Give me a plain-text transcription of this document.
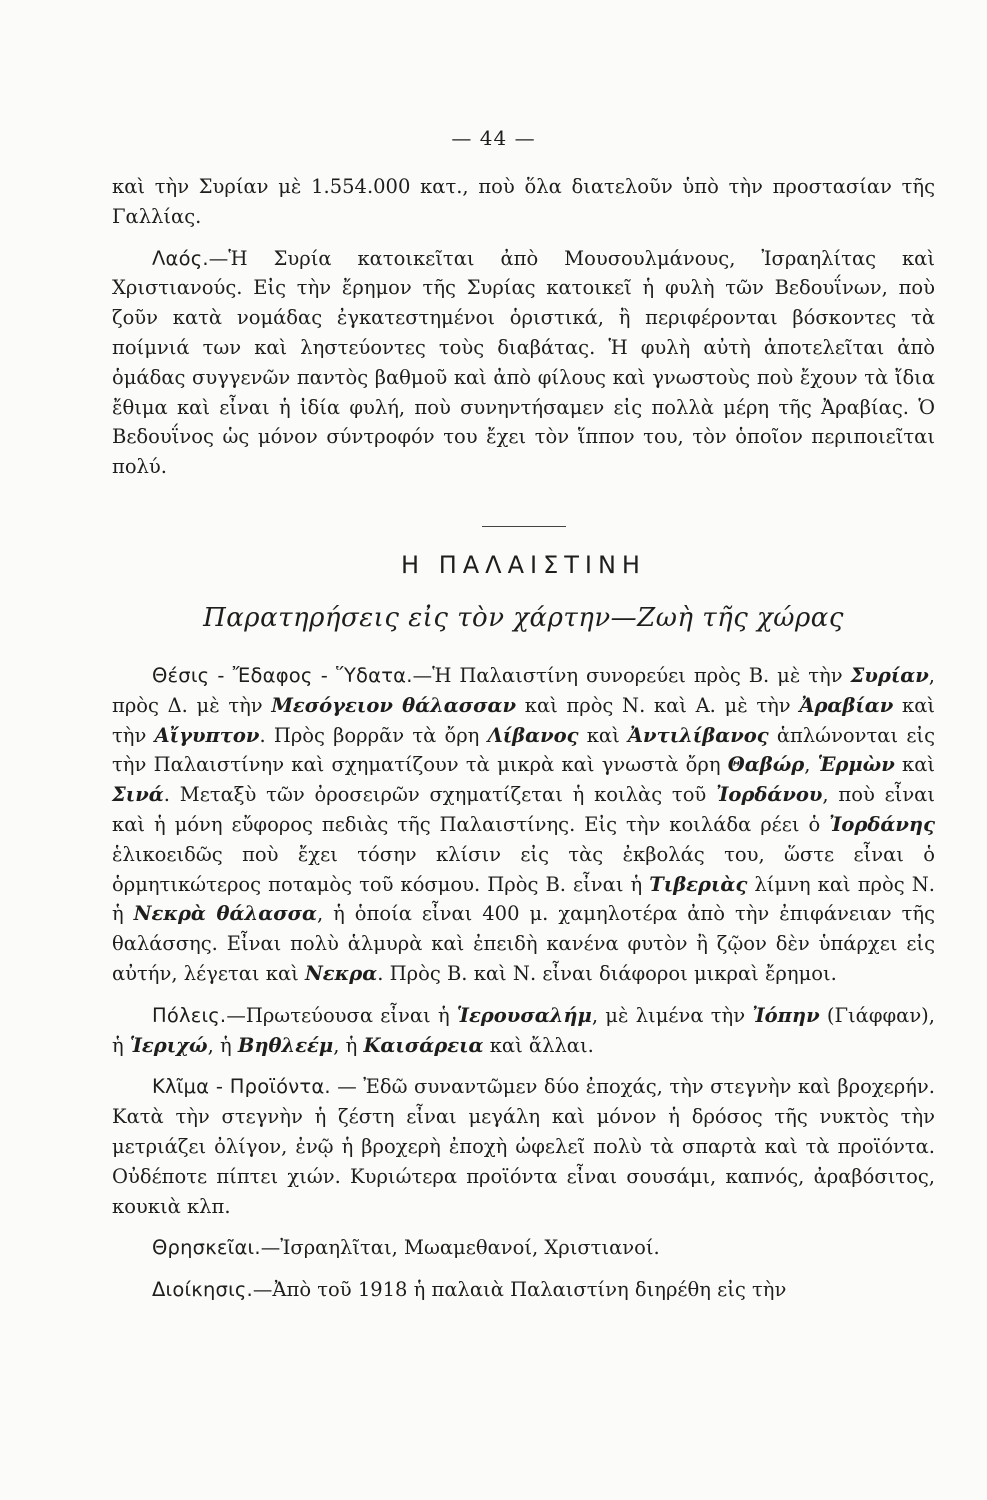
— 44 —

καὶ τὴν Συρίαν μὲ 1.554.000 κατ., ποὺ ὅλα διατελοῦν ὑπὸ τὴν προστασίαν τῆς Γαλλίας.

Λαός.—Ἡ Συρία κατοικεῖται ἀπὸ Μουσουλμάνους, Ἰσραηλίτας καὶ Χριστιανούς. Εἰς τὴν ἔρημον τῆς Συρίας κατοικεῖ ἡ φυλὴ τῶν Βεδουΐνων, ποὺ ζοῦν κατὰ νομάδας ἐγκατεστημένοι ὁριστικά, ἢ περιφέρονται βόσκοντες τὰ ποίμνιά των καὶ ληστεύοντες τοὺς διαβάτας. Ἡ φυλὴ αὐτὴ ἀποτελεῖται ἀπὸ ὁμάδας συγγενῶν παντὸς βαθμοῦ καὶ ἀπὸ φίλους καὶ γνωστοὺς ποὺ ἔχουν τὰ ἴδια ἔθιμα καὶ εἶναι ἡ ἰδία φυλή, ποὺ συνηντήσαμεν εἰς πολλὰ μέρη τῆς Ἀραβίας. Ὁ Βεδουΐνος ὡς μόνον σύντροφόν του ἔχει τὸν ἵππον του, τὸν ὁποῖον περιποιεῖται πολύ.

Η ΠΑΛΑΙΣΤΙΝΗ
Παρατηρήσεις εἰς τὸν χάρτην—Ζωὴ τῆς χώρας

Θέσις - Ἔδαφος - Ὕδατα.—Ἡ Παλαιστίνη συνορεύει πρὸς Β. μὲ τὴν Συρίαν, πρὸς Δ. μὲ τὴν Μεσόγειον θάλασσαν καὶ πρὸς Ν. καὶ Α. μὲ τὴν Ἀραβίαν καὶ τὴν Αἴγυπτον. Πρὸς βορρᾶν τὰ ὄρη Λίβανος καὶ Ἀντιλίβανος ἁπλώνονται εἰς τὴν Παλαιστίνην καὶ σχηματίζουν τὰ μικρὰ καὶ γνωστὰ ὄρη Θαβώρ, Ἑρμὼν καὶ Σινά. Μεταξὺ τῶν ὀροσειρῶν σχηματίζεται ἡ κοιλὰς τοῦ Ἰορδάνου, ποὺ εἶναι καὶ ἡ μόνη εὔφορος πεδιὰς τῆς Παλαιστίνης. Εἰς τὴν κοιλάδα ρέει ὁ Ἰορδάνης ἑλικοειδῶς ποὺ ἔχει τόσην κλίσιν εἰς τὰς ἐκβολάς του, ὥστε εἶναι ὁ ὁρμητικώτερος ποταμὸς τοῦ κόσμου. Πρὸς Β. εἶναι ἡ Τιβεριὰς λίμνη καὶ πρὸς Ν. ἡ Νεκρὰ θάλασσα, ἡ ὁποία εἶναι 400 μ. χαμηλοτέρα ἀπὸ τὴν ἐπιφάνειαν τῆς θαλάσσης. Εἶναι πολὺ ἁλμυρὰ καὶ ἐπειδὴ κανένα φυτὸν ἢ ζῷον δὲν ὑπάρχει εἰς αὐτήν, λέγεται καὶ Νεκρα. Πρὸς Β. καὶ Ν. εἶναι διάφοροι μικραὶ ἔρημοι.

Πόλεις.—Πρωτεύουσα εἶναι ἡ Ἱερουσαλήμ, μὲ λιμένα τὴν Ἰόπην (Γιάφφαν), ἡ Ἱεριχώ, ἡ Βηθλεέμ, ἡ Καισάρεια καὶ ἄλλαι.

Κλῖμα - Προϊόντα. — Ἐδῶ συναντῶμεν δύο ἐποχάς, τὴν στεγνὴν καὶ βροχερήν. Κατὰ τὴν στεγνὴν ἡ ζέστη εἶναι μεγάλη καὶ μόνον ἡ δρόσος τῆς νυκτὸς τὴν μετριάζει ὀλίγον, ἐνῷ ἡ βροχερὴ ἐποχὴ ὠφελεῖ πολὺ τὰ σπαρτὰ καὶ τὰ προϊόντα. Οὐδέποτε πίπτει χιών. Κυριώτερα προϊόντα εἶναι σουσάμι, καπνός, ἀραβόσιτος, κουκιὰ κλπ.

Θρησκεῖαι.—Ἰσραηλῖται, Μωαμεθανοί, Χριστιανοί.

Διοίκησις.—Ἀπὸ τοῦ 1918 ἡ παλαιὰ Παλαιστίνη διηρέθη εἰς τὴν
